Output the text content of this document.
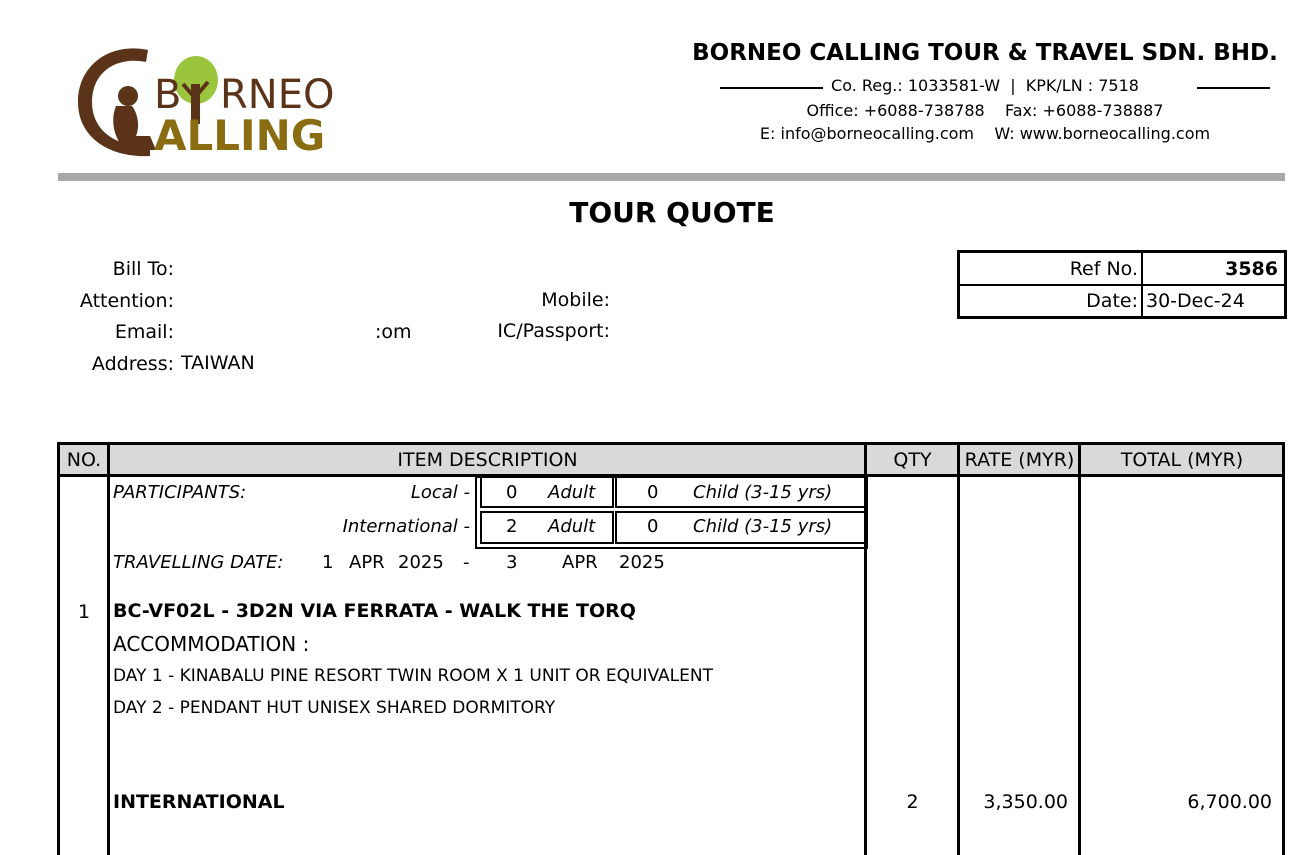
B RNEO
ALLING
BORNEO CALLING TOUR & TRAVEL SDN. BHD.
Co. Reg.: 1033581-W  |  KPK/LN : 7518
Office: +6088-738788    Fax: +6088-738887
E: info@borneocalling.com    W: www.borneocalling.com
TOUR QUOTE
Bill To:
Attention:
Email:	:om
Address: TAIWAN
Mobile:
IC/Passport:
Ref No.	3586
Date: 30-Dec-24
NO.	ITEM DESCRIPTION	QTY	RATE (MYR)	TOTAL (MYR)
PARTICIPANTS:	Local - 0 Adult	0 Child (3-15 yrs)
International - 2 Adult	0 Child (3-15 yrs)
TRAVELLING DATE: 1 APR 2025 - 3 APR 2025
1	BC-VF02L - 3D2N VIA FERRATA - WALK THE TORQ
ACCOMMODATION :
DAY 1 - KINABALU PINE RESORT TWIN ROOM X 1 UNIT OR EQUIVALENT
DAY 2 - PENDANT HUT UNISEX SHARED DORMITORY
INTERNATIONAL	2	3,350.00	6,700.00
